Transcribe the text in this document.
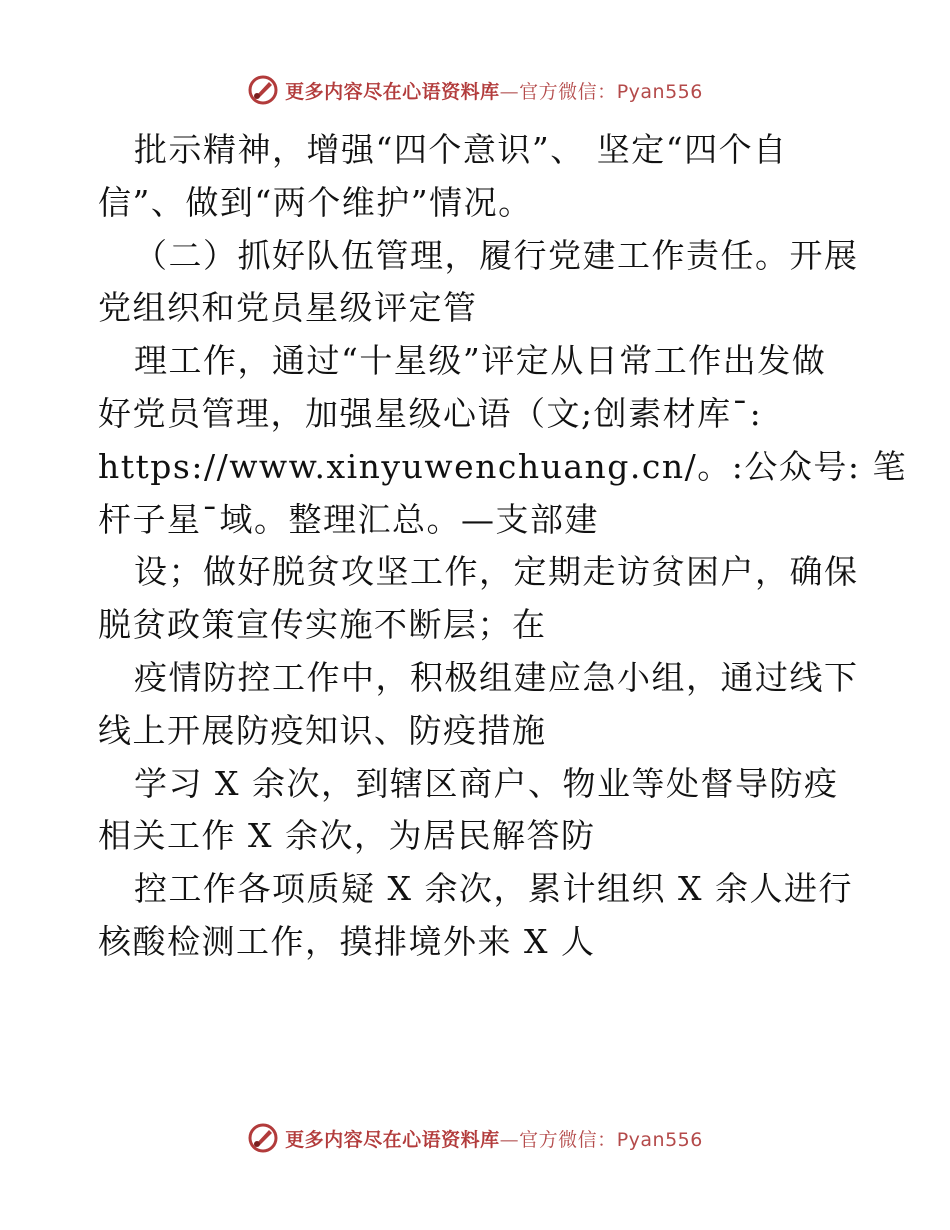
更多内容尽在心语资料库—官方微信：Pyan556
批示精神，增强“四个意识”、 坚定“四个自
信”、做到“两个维护”情况。
（二）抓好队伍管理，履行党建工作责任。开展
党组织和党员星级评定管
理工作，通过“十星级”评定从日常工作出发做
好党员管理，加强星级心语（文;创素材库¯:
https://www.xinyuwenchuang.cn/。:公众号: 笔
杆子星¯域。整理汇总。—支部建
设；做好脱贫攻坚工作，定期走访贫困户，确保
脱贫政策宣传实施不断层；在
疫情防控工作中，积极组建应急小组，通过线下
线上开展防疫知识、防疫措施
学习 X 余次，到辖区商户、物业等处督导防疫
相关工作 X 余次，为居民解答防
控工作各项质疑 X 余次，累计组织 X 余人进行
核酸检测工作，摸排境外来 X 人
更多内容尽在心语资料库—官方微信：Pyan556
